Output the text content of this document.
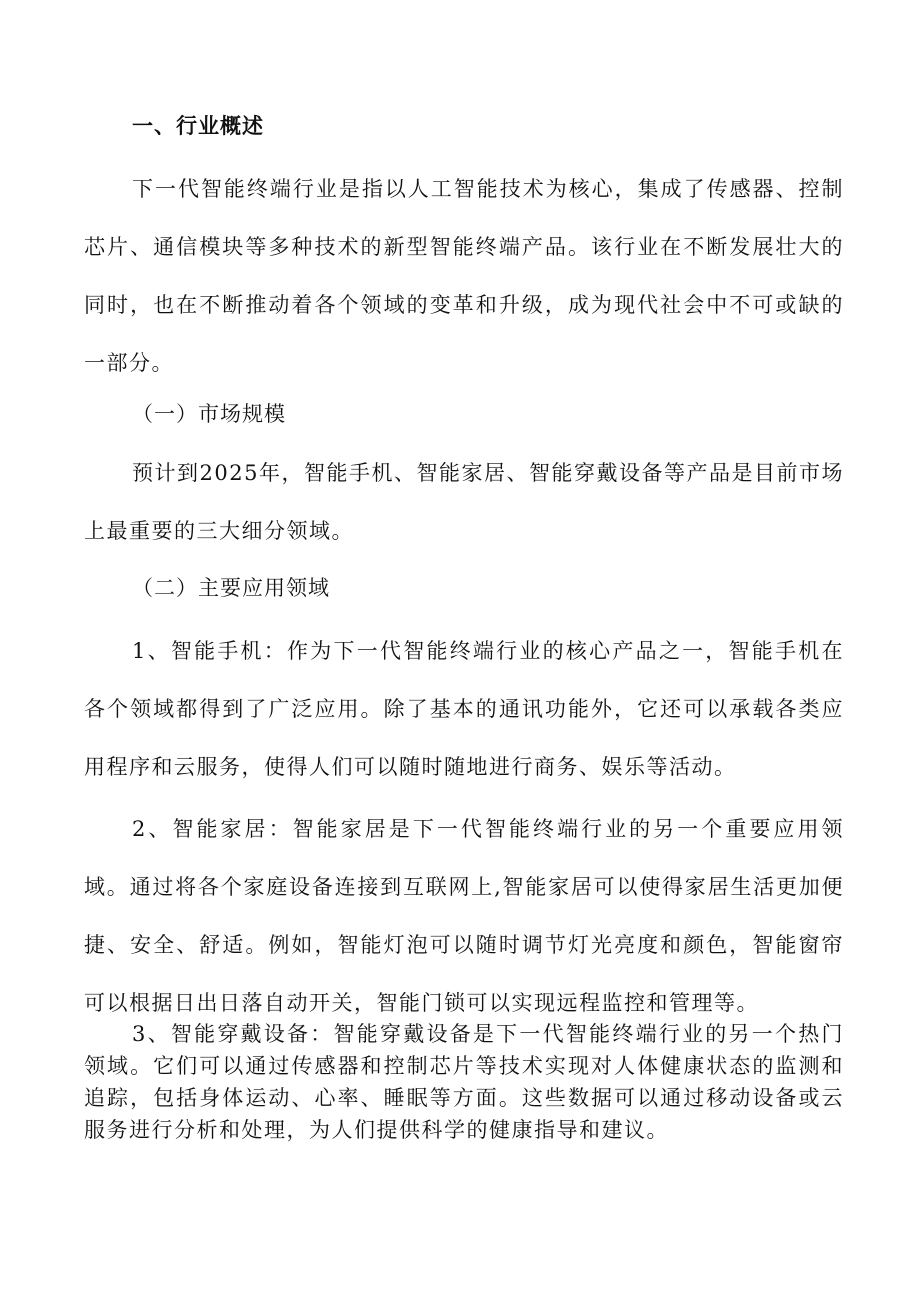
一、行业概述

下一代智能终端行业是指以人工智能技术为核心，集成了传感器、控制芯片、通信模块等多种技术的新型智能终端产品。该行业在不断发展壮大的同时，也在不断推动着各个领域的变革和升级，成为现代社会中不可或缺的一部分。

（一）市场规模

预计到2025年，智能手机、智能家居、智能穿戴设备等产品是目前市场上最重要的三大细分领域。

（二）主要应用领域

1、智能手机：作为下一代智能终端行业的核心产品之一，智能手机在各个领域都得到了广泛应用。除了基本的通讯功能外，它还可以承载各类应用程序和云服务，使得人们可以随时随地进行商务、娱乐等活动。

2、智能家居：智能家居是下一代智能终端行业的另一个重要应用领域。通过将各个家庭设备连接到互联网上,智能家居可以使得家居生活更加便捷、安全、舒适。例如，智能灯泡可以随时调节灯光亮度和颜色，智能窗帘可以根据日出日落自动开关，智能门锁可以实现远程监控和管理等。

3、智能穿戴设备：智能穿戴设备是下一代智能终端行业的另一个热门领域。它们可以通过传感器和控制芯片等技术实现对人体健康状态的监测和追踪，包括身体运动、心率、睡眠等方面。这些数据可以通过移动设备或云服务进行分析和处理，为人们提供科学的健康指导和建议。
